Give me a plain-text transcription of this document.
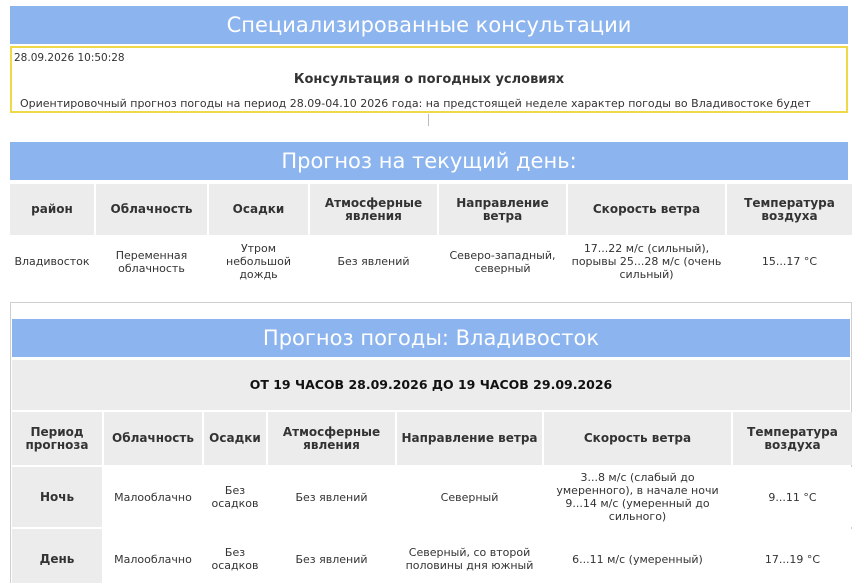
Специализированные консультации
28.09.2026 10:50:28
Консультация о погодных условиях
Ориентировочный прогноз погоды на период 28.09-04.10 2026 года: на предстоящей неделе характер погоды во Владивостоке будет
Прогноз на текущий день:
район	Облачность	Осадки	Атмосферные явления	Направление ветра	Скорость ветра	Температура воздуха
Владивосток	Переменная облачность	Утром небольшой дождь	Без явлений	Северо-западный, северный	17...22 м/с (сильный), порывы 25...28 м/с (очень сильный)	15...17 °С
Прогноз погоды: Владивосток
ОТ 19 ЧАСОВ 28.09.2026 ДО 19 ЧАСОВ 29.09.2026
Период прогноза	Облачность	Осадки	Атмосферные явления	Направление ветра	Скорость ветра	Температура воздуха
Ночь	Малооблачно	Без осадков	Без явлений	Северный	3...8 м/с (слабый до умеренного), в начале ночи 9...14 м/с (умеренный до сильного)	9...11 °С
День	Малооблачно	Без осадков	Без явлений	Северный, со второй половины дня южный	6...11 м/с (умеренный)	17...19 °С
